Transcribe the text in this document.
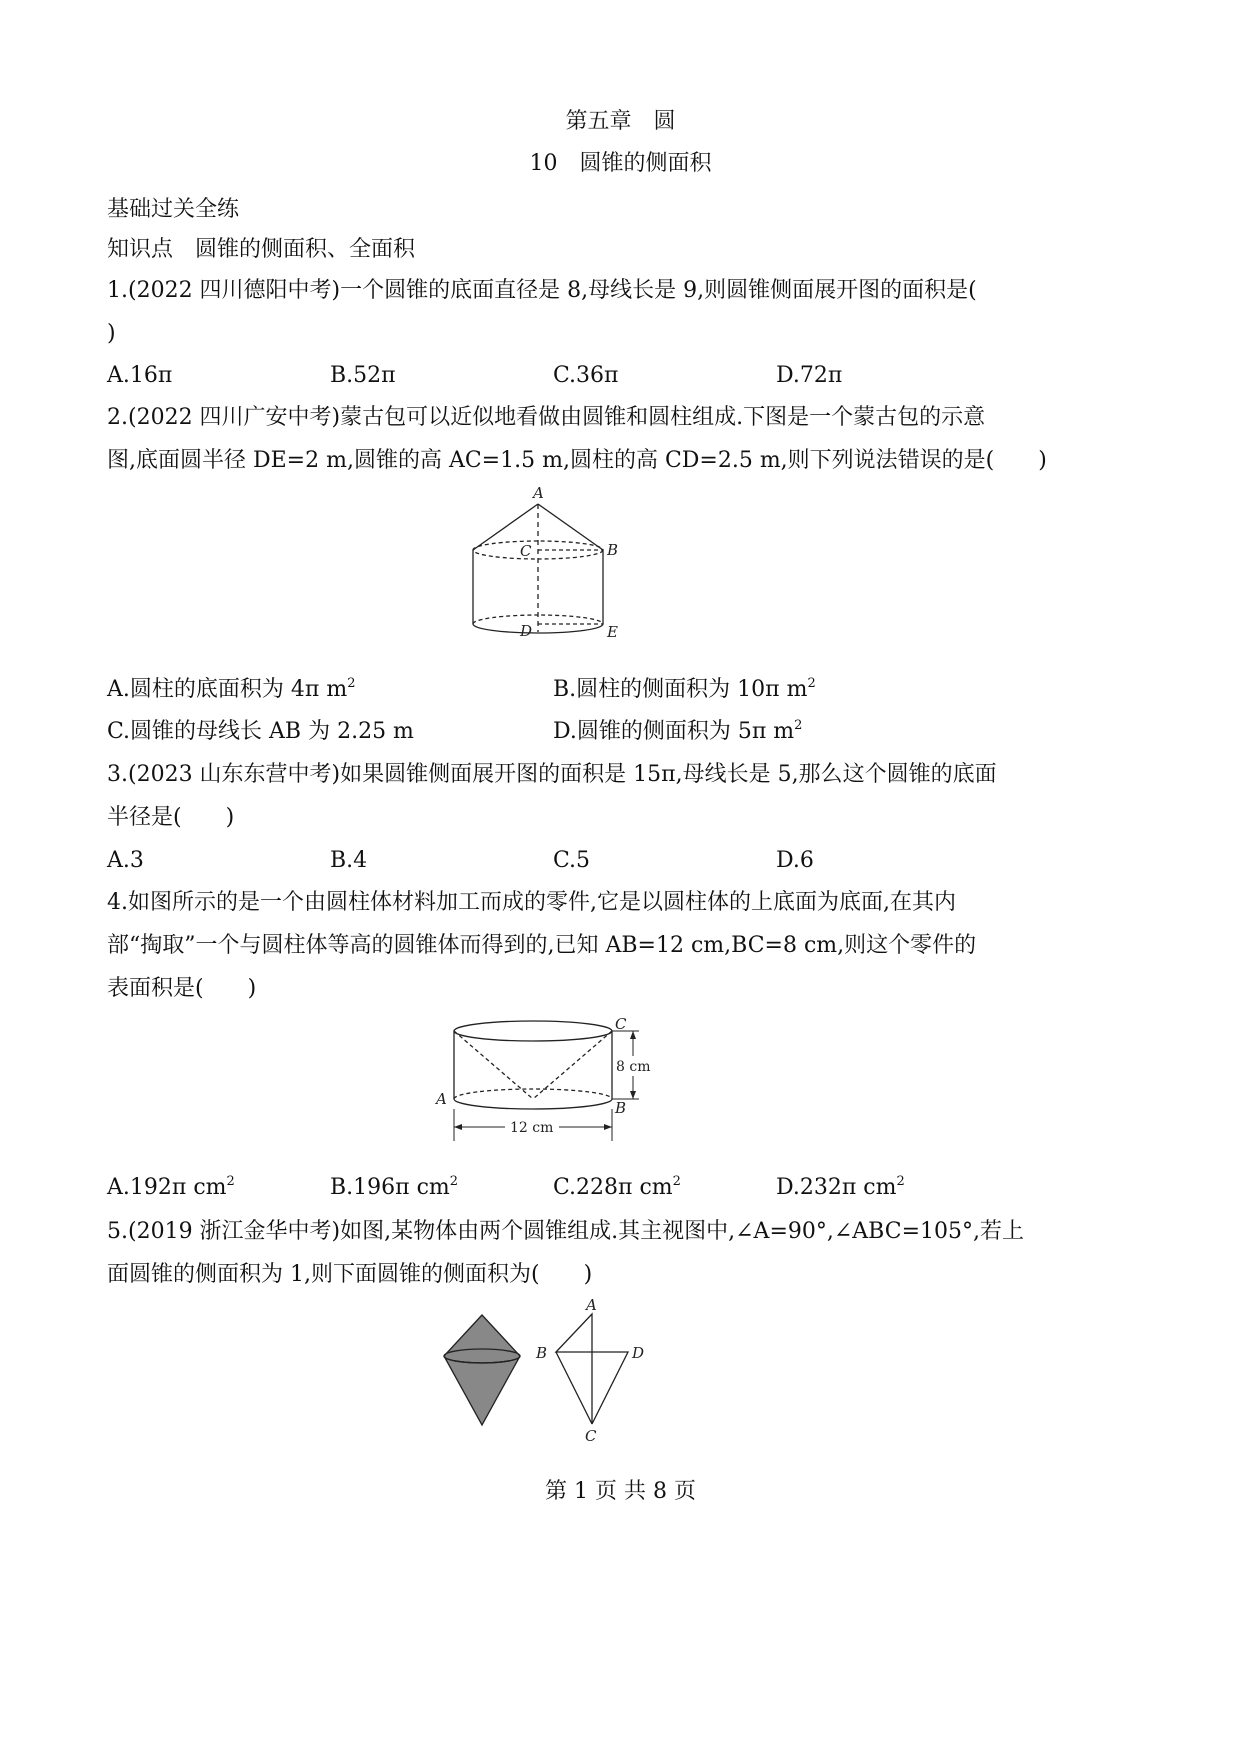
第五章　圆
10　圆锥的侧面积
基础过关全练
知识点　圆锥的侧面积、全面积
1.(2022 四川德阳中考)一个圆锥的底面直径是 8,母线长是 9,则圆锥侧面展开图的面积是(
)
A.16π	B.52π	C.36π	D.72π
2.(2022 四川广安中考)蒙古包可以近似地看做由圆锥和圆柱组成.下图是一个蒙古包的示意
图,底面圆半径 DE=2 m,圆锥的高 AC=1.5 m,圆柱的高 CD=2.5 m,则下列说法错误的是(　　)
A
C	B
D	E
A.圆柱的底面积为 4π $m^2$	B.圆柱的侧面积为 10π $m^2$
C.圆锥的母线长 AB 为 2.25 m	D.圆锥的侧面积为 5π $m^2$
3.(2023 山东东营中考)如果圆锥侧面展开图的面积是 15π,母线长是 5,那么这个圆锥的底面
半径是(　　)
A.3	B.4	C.5	D.6
4.如图所示的是一个由圆柱体材料加工而成的零件,它是以圆柱体的上底面为底面,在其内
部“掏取”一个与圆柱体等高的圆锥体而得到的,已知 AB=12 cm,BC=8 cm,则这个零件的
表面积是(　　)
C
A	B
8 cm
12 cm
A.192π $cm^2$	B.196π $cm^2$	C.228π $cm^2$	D.232π $cm^2$
5.(2019 浙江金华中考)如图,某物体由两个圆锥组成.其主视图中,∠A=90°,∠ABC=105°,若上
面圆锥的侧面积为 1,则下面圆锥的侧面积为(　　)
A
B	D
C
第 1 页 共 8 页
